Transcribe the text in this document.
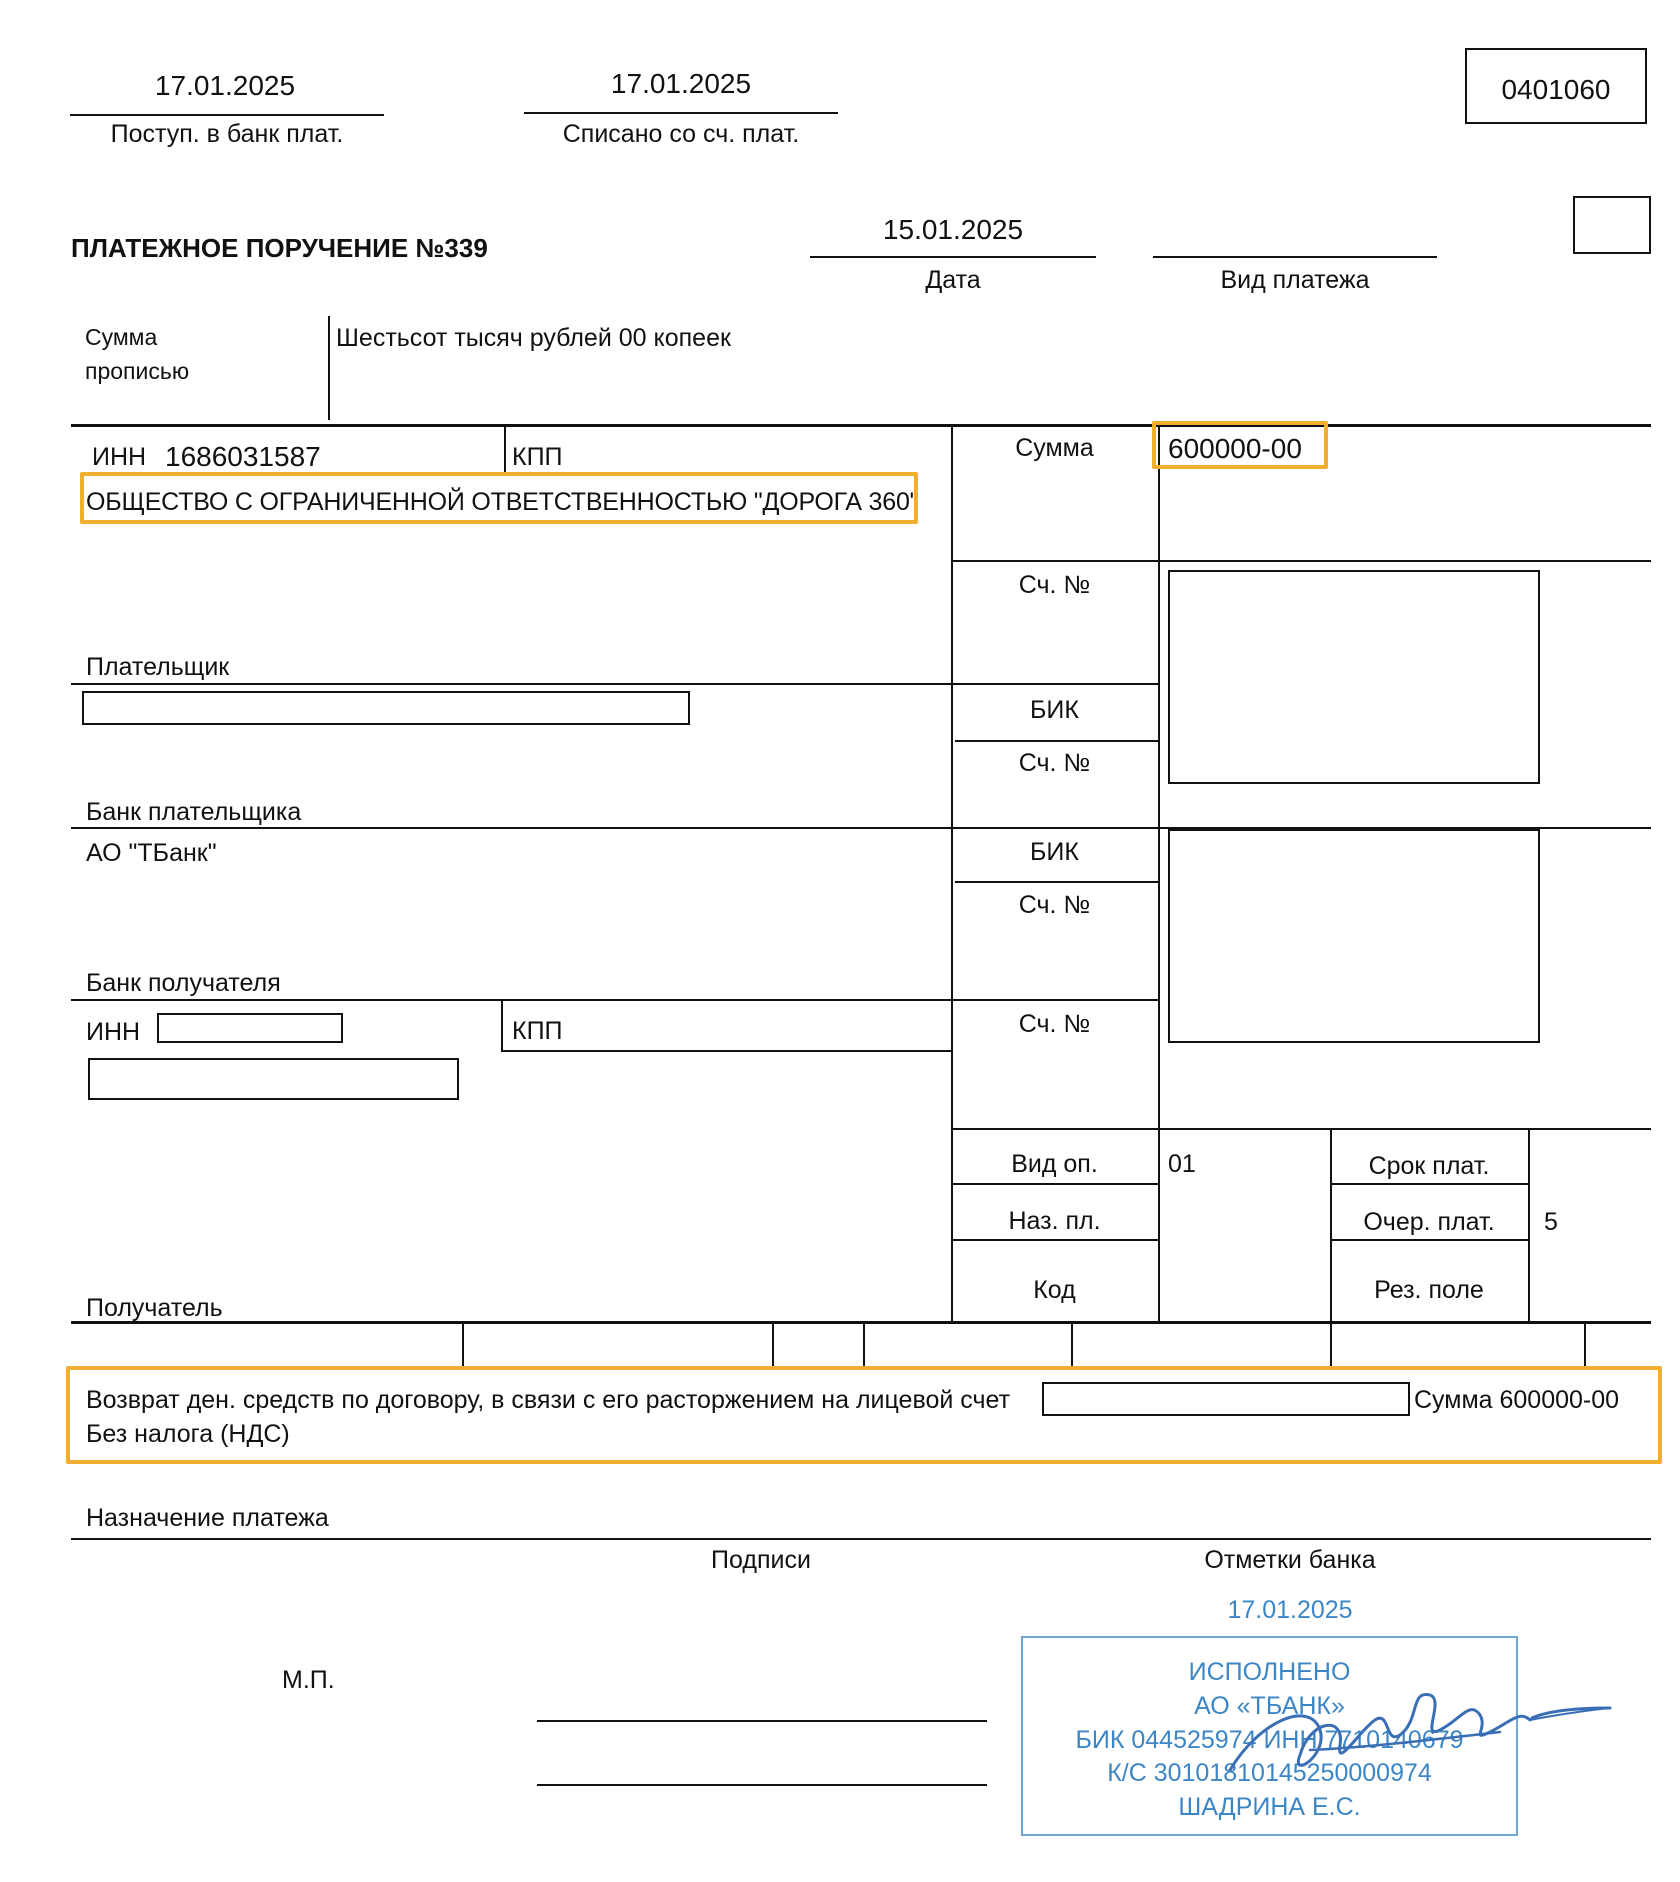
17.01.2025
Поступ. в банк плат.
17.01.2025
Списано со сч. плат.
0401060
ПЛАТЕЖНОЕ ПОРУЧЕНИЕ №339
15.01.2025
Дата	Вид платежа
Сумма
прописью
Шестьсот тысяч рублей 00 копеек
ИНН 1686031587	КПП
ОБЩЕСТВО С ОГРАНИЧЕННОЙ ОТВЕТСТВЕННОСТЬЮ "ДОРОГА 360"
Сумма	600000-00
Сч. №
Плательщик
БИК
Сч. №
Банк плательщика
АО "ТБанк"	БИК
Сч. №
Банк получателя
ИНН	КПП	Сч. №
Получатель
Вид оп.	01	Срок плат.
Наз. пл.	Очер. плат.	5
Код	Рез. поле
Возврат ден. средств по договору, в связи с его расторжением на лицевой счет	Сумма 600000-00
Без налога (НДС)
Назначение платежа
Подписи	Отметки банка
М.П.
17.01.2025
ИСПОЛНЕНО
АО «ТБАНК»
БИК 044525974 ИНН 7710140679
К/С 30101810145250000974
ШАДРИНА Е.С.
